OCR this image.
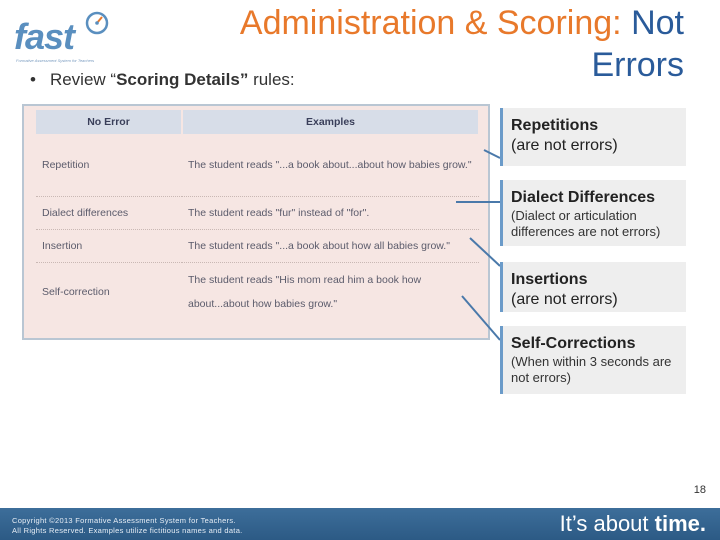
fast
Formative Assessment System for Teachers
Administration & Scoring: Not
Errors
• Review “Scoring Details” rules:
No Error	Examples
Repetition	The student reads "...a book about...about how babies grow."
Dialect differences	The student reads "fur" instead of "for".
Insertion	The student reads "...a book about how all babies grow."
Self-correction	The student reads "His mom read him a book how about...about how babies grow."
Repetitions
(are not errors)
Dialect Differences
(Dialect or articulation differences are not errors)
Insertions
(are not errors)
Self-Corrections
(When within 3 seconds are not errors)
18
Copyright ©2013 Formative Assessment System for Teachers.
All Rights Reserved. Examples utilize fictitious names and data.	It’s about time.
